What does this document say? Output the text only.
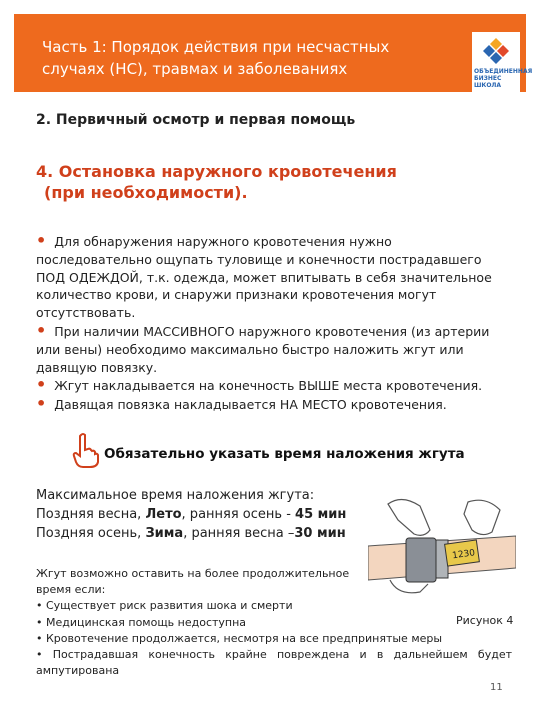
Часть 1: Порядок действия при несчастных случаях (НС), травмах и заболеваниях	ОБЪЕДИНЕННАЯ
БИЗНЕС
ШКОЛА
2. Первичный осмотр и первая помощь
4. Остановка наружного кровотечения
(при необходимости).

• Для обнаружения наружного кровотечения нужно последовательно ощупать туловище и конечности пострадавшего ПОД ОДЕЖДОЙ, т.к. одежда, может впитывать в себя значительное количество крови, и снаружи признаки кровотечения могут отсутствовать.

• При наличии МАССИВНОГО наружного кровотечения (из артерии или вены) необходимо максимально быстро наложить жгут или давящую повязку.

• Жгут накладывается на конечность ВЫШЕ места кровотечения.

• Давящая повязка накладывается НА МЕСТО кровотечения.

Обязательно указать время наложения жгута

Максимальное время наложения жгута:

Поздняя весна, Лето, ранняя осень - 45 мин

Поздняя осень, Зима, ранняя весна –30 мин

1230

Жгут возможно оставить на более продолжительное

время если:

• Существует риск развития шока и смерти

• Медицинская помощь недоступна

• Кровотечение продолжается, несмотря на все предпринятые меры

• Пострадавшая конечность крайне повреждена и в дальнейшем будет ампутирована

Рисунок 4
11
